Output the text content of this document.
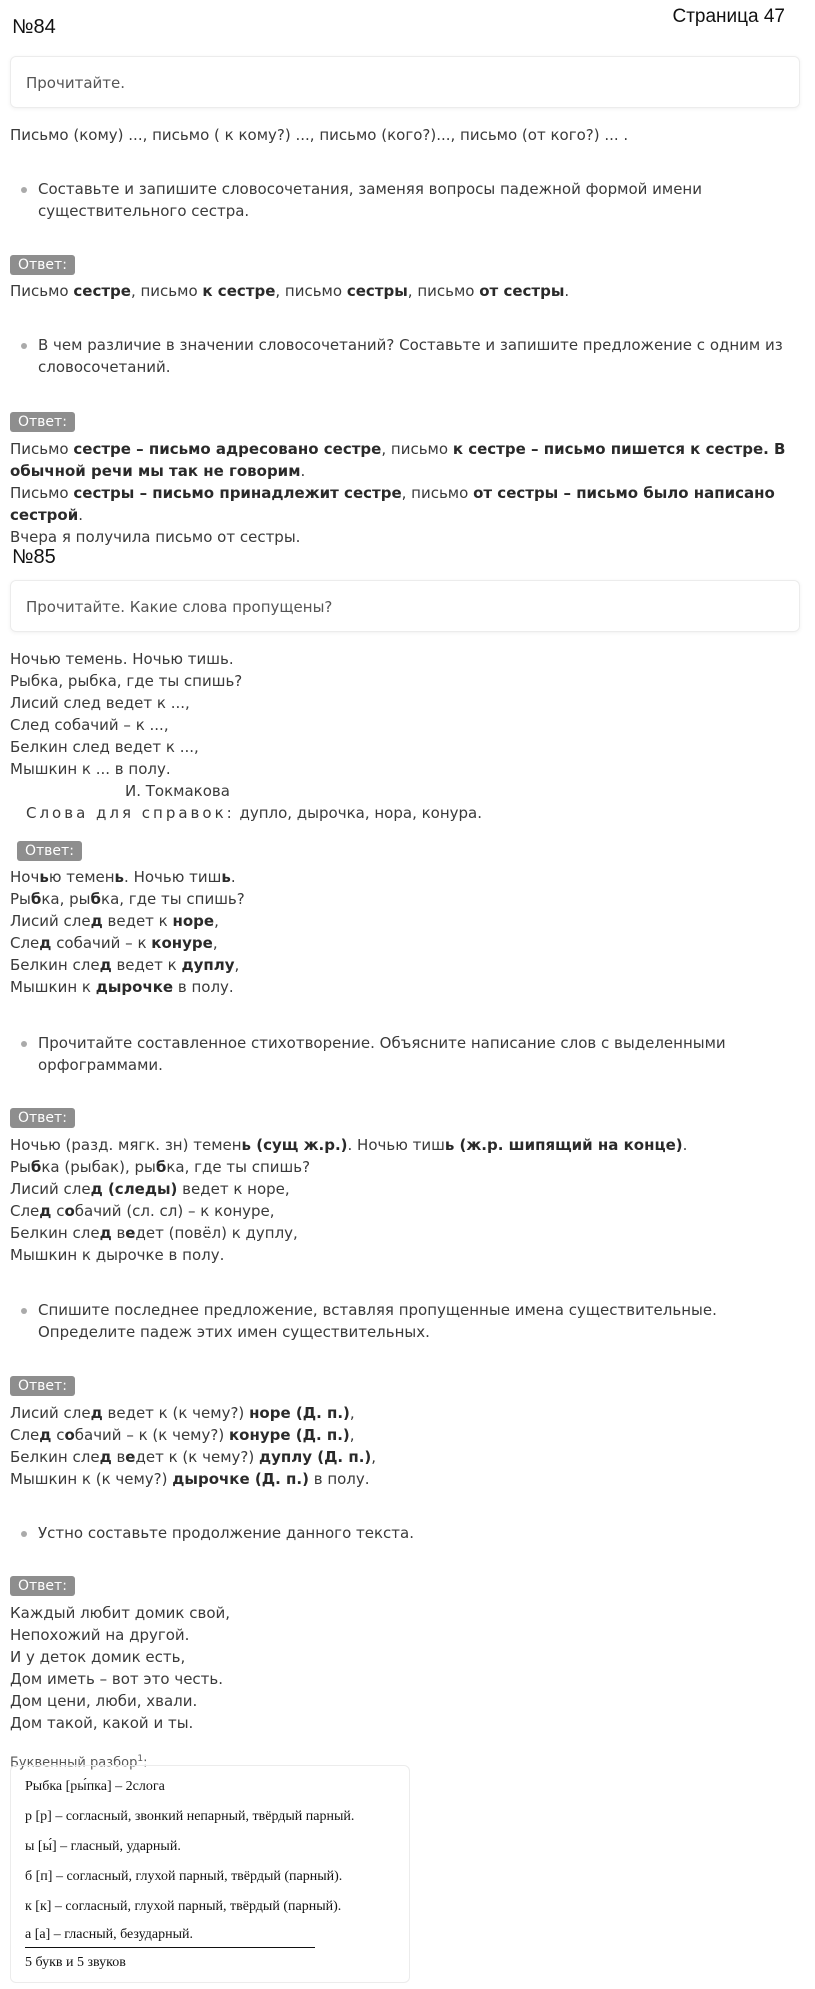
№84	Страница 47
Прочитайте.
Письмо (кому) ..., письмо ( к кому?) ..., письмо (кого?)..., письмо (от кого?) ... .
Составьте и запишите словосочетания, заменяя вопросы падежной формой имени существительного сестра.
Ответ:
Письмо сестре, письмо к сестре, письмо сестры, письмо от сестры.
В чем различие в значении словосочетаний? Составьте и запишите предложение с одним из словосочетаний.
Ответ:
Письмо сестре – письмо адресовано сестре, письмо к сестре – письмо пишется к сестре. В обычной речи мы так не говорим.
Письмо сестры – письмо принадлежит сестре, письмо от сестры – письмо было написано сестрой.
Вчера я получила письмо от сестры.
№85
Прочитайте. Какие слова пропущены?
Ночью темень. Ночью тишь.
Рыбка, рыбка, где ты спишь?
Лисий след ведет к ...,
След собачий – к ...,
Белкин след ведет к ...,
Мышкин к ... в полу.
И. Токмакова
Слова для справок: дупло, дырочка, нора, конура.
Ответ:
Ночью темень. Ночью тишь.
Рыбка, рыбка, где ты спишь?
Лисий след ведет к норе,
След собачий – к конуре,
Белкин след ведет к дуплу,
Мышкин к дырочке в полу.
Прочитайте составленное стихотворение. Объясните написание слов с выделенными орфограммами.
Ответ:
Ночью (разд. мягк. зн) темень (сущ ж.р.). Ночью тишь (ж.р. шипящий на конце).
Рыбка (рыбак), рыбка, где ты спишь?
Лисий след (следы) ведет к норе,
След собачий (сл. сл) – к конуре,
Белкин след ведет (повёл) к дуплу,
Мышкин к дырочке в полу.
Спишите последнее предложение, вставляя пропущенные имена существительные. Определите падеж этих имен существительных.
Ответ:
Лисий след ведет к (к чему?) норе (Д. п.),
След собачий – к (к чему?) конуре (Д. п.),
Белкин след ведет к (к чему?) дуплу (Д. п.),
Мышкин к (к чему?) дырочке (Д. п.) в полу.
Устно составьте продолжение данного текста.
Ответ:
Каждый любит домик свой,
Непохожий на другой.
И у деток домик есть,
Дом иметь – вот это честь.
Дом цени, люби, хвали.
Дом такой, какой и ты.
Буквенный разбор$^1$:
Рыбка [ры́пка] – 2слога
р [р] – согласный, звонкий непарный, твёрдый парный.
ы [ы́] – гласный, ударный.
б [п] – согласный, глухой парный, твёрдый (парный).
к [к] – согласный, глухой парный, твёрдый (парный).
а [а] – гласный, безударный.
5 букв и 5 звуков
